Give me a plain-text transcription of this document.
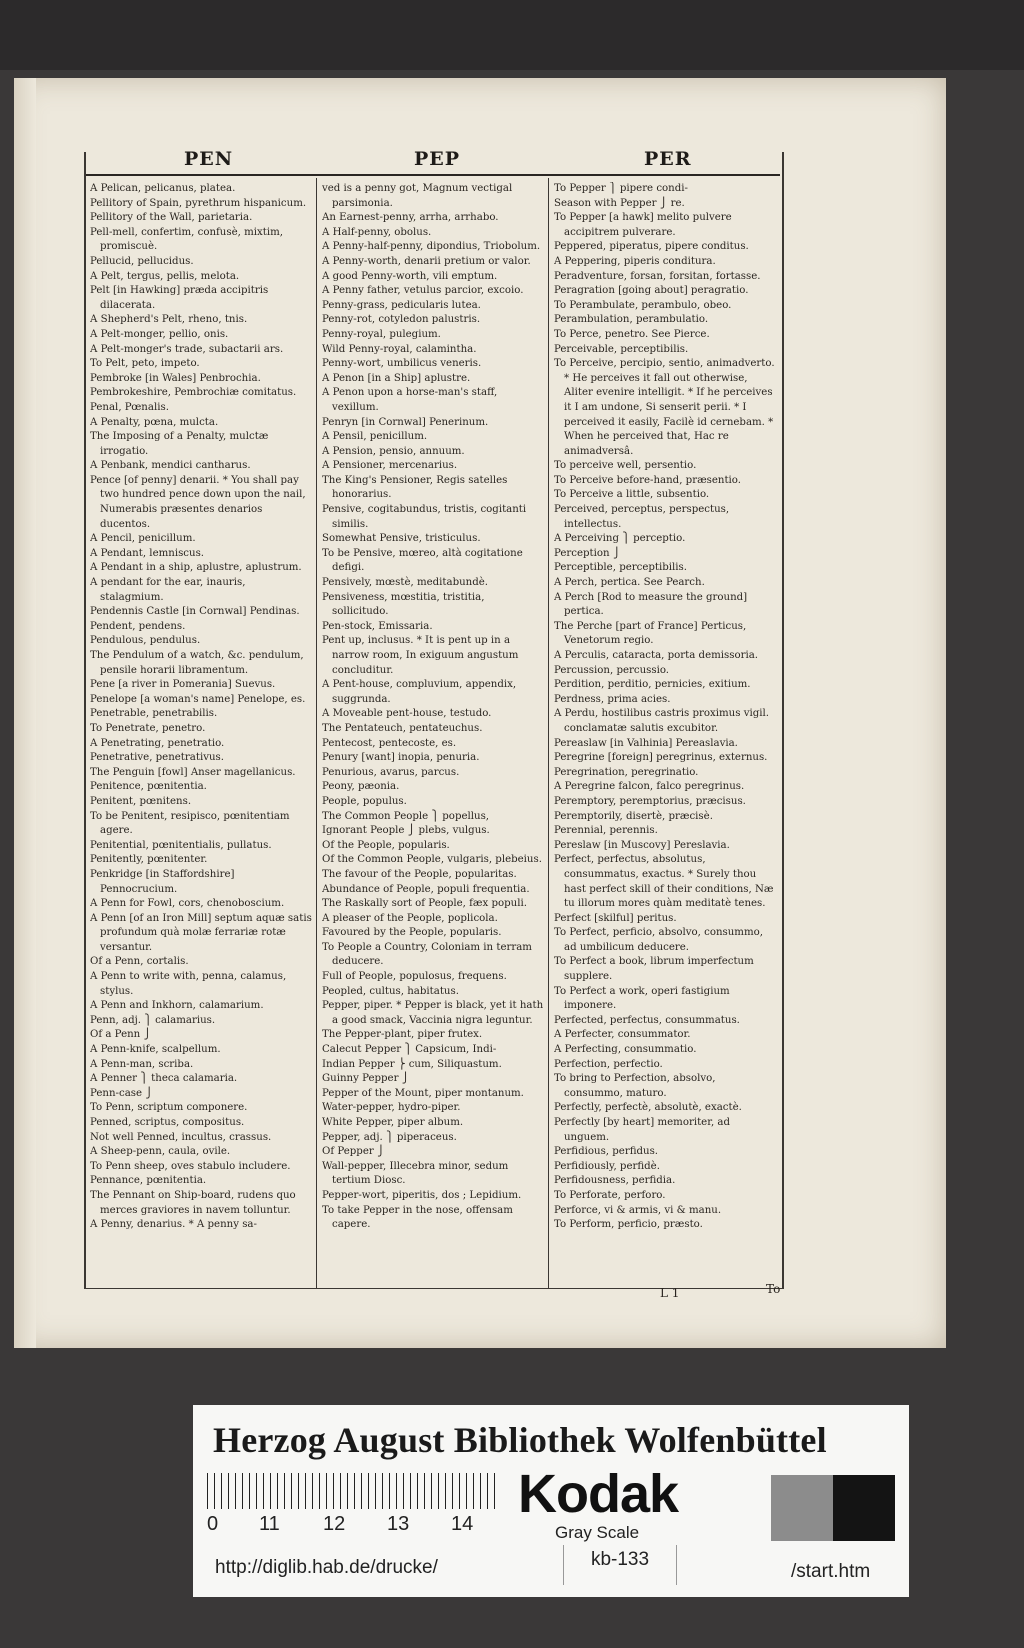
PEN	PEP	PER

A Pelican, pelicanus, platea.

Pellitory of Spain, pyrethrum hispanicum.

Pellitory of the Wall, parietaria.

Pell-mell, confertim, confusè, mixtim, promiscuè.

Pellucid, pellucidus.

A Pelt, tergus, pellis, melota.

Pelt [in Hawking] præda accipitris dilacerata.

A Shepherd's Pelt, rheno, tnis.

A Pelt-monger, pellio, onis.

A Pelt-monger's trade, subactarii ars.

To Pelt, peto, impeto.

Pembroke [in Wales] Penbrochia.

Pembrokeshire, Pembrochiæ comitatus.

Penal, Pœnalis.

A Penalty, pœna, mulcta.

The Imposing of a Penalty, mulctæ irrogatio.

A Penbank, mendici cantharus.

Pence [of penny] denarii. * You shall pay two hundred pence down upon the nail, Numerabis præsentes denarios ducentos.

A Pencil, penicillum.

A Pendant, lemniscus.

A Pendant in a ship, aplustre, aplustrum.

A pendant for the ear, inauris, stalagmium.

Pendennis Castle [in Cornwal] Pendinas.

Pendent, pendens.

Pendulous, pendulus.

The Pendulum of a watch, &c. pendulum, pensile horarii libramentum.

Pene [a river in Pomerania] Suevus.

Penelope [a woman's name] Penelope, es.

Penetrable, penetrabilis.

To Penetrate, penetro.

A Penetrating, penetratio.

Penetrative, penetrativus.

The Penguin [fowl] Anser magellanicus.

Penitence, pœnitentia.

Penitent, pœnitens.

To be Penitent, resipisco, pœnitentiam agere.

Penitential, pœnitentialis, pullatus.

Penitently, pœnitenter.

Penkridge [in Staffordshire] Pennocrucium.

A Penn for Fowl, cors, chenoboscium.

A Penn [of an Iron Mill] septum aquæ satis profundum quà molæ ferrariæ rotæ versantur.

Of a Penn, cortalis.

A Penn to write with, penna, calamus, stylus.

A Penn and Inkhorn, calamarium.

Penn, adj. ⎫ calamarius.

Of a Penn ⎭

A Penn-knife, scalpellum.

A Penn-man, scriba.

A Penner ⎫ theca calamaria.

Penn-case ⎭

To Penn, scriptum componere.

Penned, scriptus, compositus.

Not well Penned, incultus, crassus.

A Sheep-penn, caula, ovile.

To Penn sheep, oves stabulo includere.

Pennance, pœnitentia.

The Pennant on Ship-board, rudens quo merces graviores in navem tolluntur.

A Penny, denarius. * A penny sa-

ved is a penny got, Magnum vectigal parsimonia.

An Earnest-penny, arrha, arrhabo.

A Half-penny, obolus.

A Penny-half-penny, dipondius, Triobolum.

A Penny-worth, denarii pretium or valor.

A good Penny-worth, vili emptum.

A Penny father, vetulus parcior, excoio.

Penny-grass, pedicularis lutea.

Penny-rot, cotyledon palustris.

Penny-royal, pulegium.

Wild Penny-royal, calamintha.

Penny-wort, umbilicus veneris.

A Penon [in a Ship] aplustre.

A Penon upon a horse-man's staff, vexillum.

Penryn [in Cornwal] Penerinum.

A Pensil, penicillum.

A Pension, pensio, annuum.

A Pensioner, mercenarius.

The King's Pensioner, Regis satelles honorarius.

Pensive, cogitabundus, tristis, cogitanti similis.

Somewhat Pensive, tristiculus.

To be Pensive, mœreo, altà cogitatione defigi.

Pensively, mœstè, meditabundè.

Pensiveness, mœstitia, tristitia, sollicitudo.

Pen-stock, Emissaria.

Pent up, inclusus. * It is pent up in a narrow room, In exiguum angustum concluditur.

A Pent-house, compluvium, appendix, suggrunda.

A Moveable pent-house, testudo.

The Pentateuch, pentateuchus.

Pentecost, pentecoste, es.

Penury [want] inopia, penuria.

Penurious, avarus, parcus.

Peony, pæonia.

People, populus.

The Common People ⎫ popellus,

Ignorant People ⎭ plebs, vulgus.

Of the People, popularis.

Of the Common People, vulgaris, plebeius.

The favour of the People, popularitas.

Abundance of People, populi frequentia.

The Raskally sort of People, fæx populi.

A pleaser of the People, poplicola.

Favoured by the People, popularis.

To People a Country, Coloniam in terram deducere.

Full of People, populosus, frequens.

Peopled, cultus, habitatus.

Pepper, piper. * Pepper is black, yet it hath a good smack, Vaccinia nigra leguntur.

The Pepper-plant, piper frutex.

Calecut Pepper ⎫ Capsicum, Indi-

Indian Pepper ⎬ cum, Siliquastum.

Guinny Pepper ⎭

Pepper of the Mount, piper montanum.

Water-pepper, hydro-piper.

White Pepper, piper album.

Pepper, adj. ⎫ piperaceus.

Of Pepper ⎭

Wall-pepper, Illecebra minor, sedum tertium Diosc.

Pepper-wort, piperitis, dos ; Lepidium.

To take Pepper in the nose, offensam capere.

To Pepper ⎫ pipere condi-

Season with Pepper ⎭ re.

To Pepper [a hawk] melito pulvere accipitrem pulverare.

Peppered, piperatus, pipere conditus.

A Peppering, piperis conditura.

Peradventure, forsan, forsitan, fortasse.

Peragration [going about] peragratio.

To Perambulate, perambulo, obeo.

Perambulation, perambulatio.

To Perce, penetro. See Pierce.

Perceivable, perceptibilis.

To Perceive, percipio, sentio, animadverto. * He perceives it fall out otherwise, Aliter evenire intelligit. * If he perceives it I am undone, Si senserit perii. * I perceived it easily, Facilè id cernebam. * When he perceived that, Hac re animadversâ.

To perceive well, persentio.

To Perceive before-hand, præsentio.

To Perceive a little, subsentio.

Perceived, perceptus, perspectus, intellectus.

A Perceiving ⎫ perceptio.

Perception ⎭

Perceptible, perceptibilis.

A Perch, pertica. See Pearch.

A Perch [Rod to measure the ground] pertica.

The Perche [part of France] Perticus, Venetorum regio.

A Perculis, cataracta, porta demissoria.

Percussion, percussio.

Perdition, perditio, pernicies, exitium.

Perdness, prima acies.

A Perdu, hostilibus castris proximus vigil. conclamatæ salutis excubitor.

Pereaslaw [in Valhinia] Pereaslavia.

Peregrine [foreign] peregrinus, externus.

Peregrination, peregrinatio.

A Peregrine falcon, falco peregrinus.

Peremptory, peremptorius, præcisus.

Peremptorily, disertè, præcisè.

Perennial, perennis.

Pereslaw [in Muscovy] Pereslavia.

Perfect, perfectus, absolutus, consummatus, exactus. * Surely thou hast perfect skill of their conditions, Næ tu illorum mores quàm meditatè tenes.

Perfect [skilful] peritus.

To Perfect, perficio, absolvo, consummo, ad umbilicum deducere.

To Perfect a book, librum imperfectum supplere.

To Perfect a work, operi fastigium imponere.

Perfected, perfectus, consummatus.

A Perfecter, consummator.

A Perfecting, consummatio.

Perfection, perfectio.

To bring to Perfection, absolvo, consummo, maturo.

Perfectly, perfectè, absolutè, exactè.

Perfectly [by heart] memoriter, ad unguem.

Perfidious, perfidus.

Perfidiously, perfidè.

Perfidousness, perfidia.

To Perforate, perforo.

Perforce, vi & armis, vi & manu.

To Perform, perficio, præsto.

L 1	To
Herzog August Bibliothek Wolfenbüttel
0 11 12 13 14 Kodak
Gray Scale
http://diglib.hab.de/drucke/	kb-133
/start.htm
